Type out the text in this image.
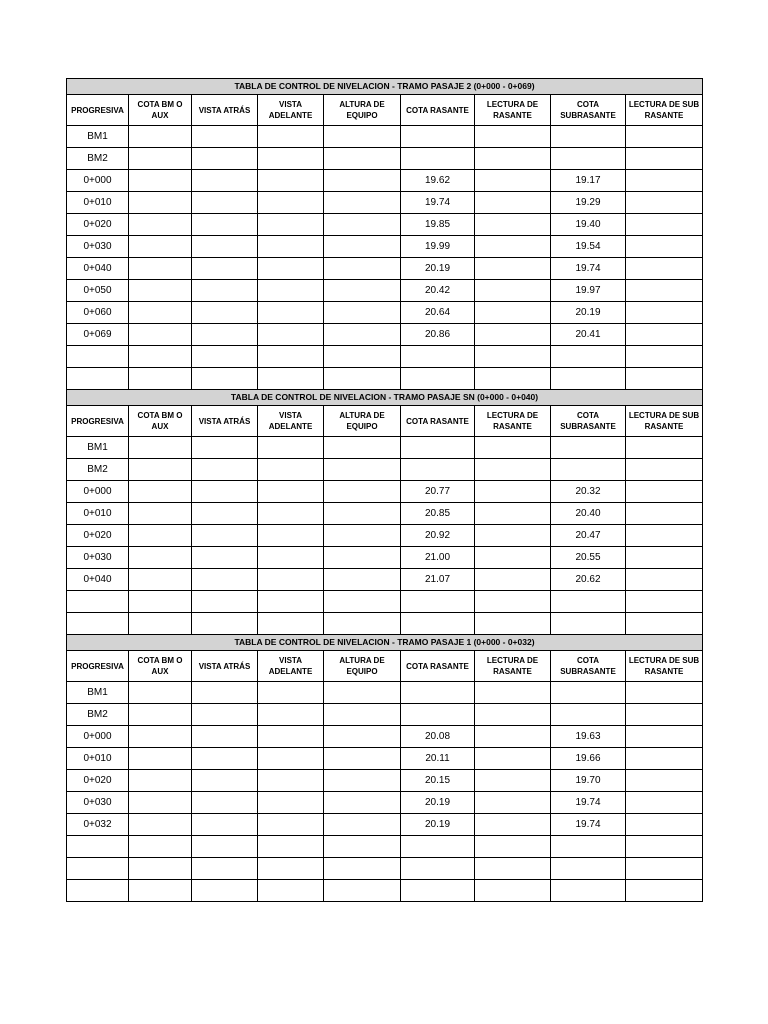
TABLA DE CONTROL DE NIVELACION - TRAMO PASAJE 2 (0+000 - 0+069)								
PROGRESIVA	COTA BM O AUX	VISTA ATRÁS	VISTA ADELANTE	ALTURA DE EQUIPO	COTA RASANTE	LECTURA DE RASANTE	COTA SUBRASANTE	LECTURA DE SUB RASANTE
BM1								
BM2								
0+000					19.62		19.17	
0+010					19.74		19.29	
0+020					19.85		19.40	
0+030					19.99		19.54	
0+040					20.19		19.74	
0+050					20.42		19.97	
0+060					20.64		20.19	
0+069					20.86		20.41	

TABLA DE CONTROL DE NIVELACION - TRAMO PASAJE SN (0+000 - 0+040)								
PROGRESIVA	COTA BM O AUX	VISTA ATRÁS	VISTA ADELANTE	ALTURA DE EQUIPO	COTA RASANTE	LECTURA DE RASANTE	COTA SUBRASANTE	LECTURA DE SUB RASANTE
BM1								
BM2								
0+000					20.77		20.32	
0+010					20.85		20.40	
0+020					20.92		20.47	
0+030					21.00		20.55	
0+040					21.07		20.62	

TABLA DE CONTROL DE NIVELACION - TRAMO PASAJE 1 (0+000 - 0+032)								
PROGRESIVA	COTA BM O AUX	VISTA ATRÁS	VISTA ADELANTE	ALTURA DE EQUIPO	COTA RASANTE	LECTURA DE RASANTE	COTA SUBRASANTE	LECTURA DE SUB RASANTE
BM1								
BM2								
0+000					20.08		19.63	
0+010					20.11		19.66	
0+020					20.15		19.70	
0+030					20.19		19.74	
0+032					20.19		19.74	
